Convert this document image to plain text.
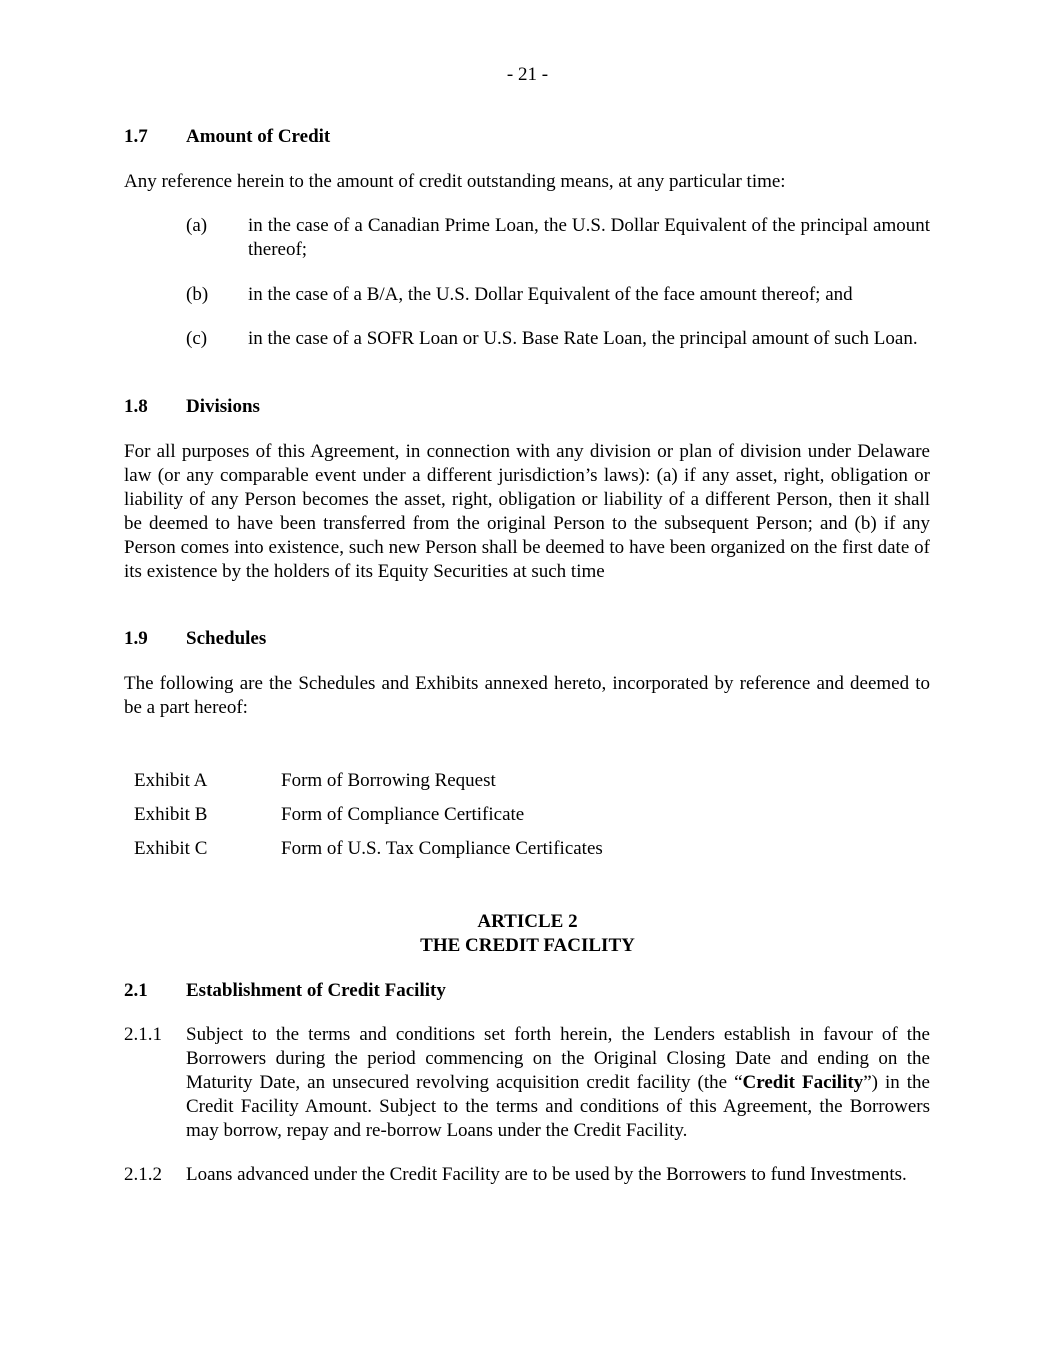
- 21 -
1.7 Amount of Credit
Any reference herein to the amount of credit outstanding means, at any particular time:
(a) in the case of a Canadian Prime Loan, the U.S. Dollar Equivalent of the principal amount thereof;
(b) in the case of a B/A, the U.S. Dollar Equivalent of the face amount thereof; and
(c) in the case of a SOFR Loan or U.S. Base Rate Loan, the principal amount of such Loan.
1.8 Divisions
For all purposes of this Agreement, in connection with any division or plan of division under Delaware law (or any comparable event under a different jurisdiction’s laws): (a) if any asset, right, obligation or liability of any Person becomes the asset, right, obligation or liability of a different Person, then it shall be deemed to have been transferred from the original Person to the subsequent Person; and (b) if any Person comes into existence, such new Person shall be deemed to have been organized on the first date of its existence by the holders of its Equity Securities at such time
1.9 Schedules
The following are the Schedules and Exhibits annexed hereto, incorporated by reference and deemed to be a part hereof:
Exhibit A	Form of Borrowing Request
Exhibit B	Form of Compliance Certificate
Exhibit C	Form of U.S. Tax Compliance Certificates
ARTICLE 2
THE CREDIT FACILITY
2.1 Establishment of Credit Facility
2.1.1 Subject to the terms and conditions set forth herein, the Lenders establish in favour of the Borrowers during the period commencing on the Original Closing Date and ending on the Maturity Date, an unsecured revolving acquisition credit facility (the “Credit Facility”) in the Credit Facility Amount. Subject to the terms and conditions of this Agreement, the Borrowers may borrow, repay and re-borrow Loans under the Credit Facility.
2.1.2 Loans advanced under the Credit Facility are to be used by the Borrowers to fund Investments.
